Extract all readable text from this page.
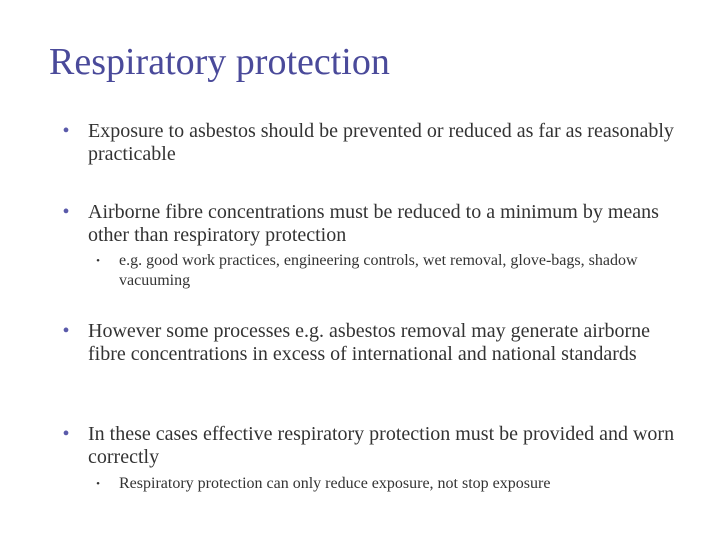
Respiratory protection
• Exposure to asbestos should be prevented or reduced as far as reasonably practicable
• Airborne fibre concentrations must be reduced to a minimum by means other than respiratory protection
• e.g. good work practices, engineering controls, wet removal, glove-bags, shadow vacuuming
• However some processes e.g. asbestos removal may generate airborne fibre concentrations in excess of international and national standards
• In these cases effective respiratory protection must be provided and worn correctly
• Respiratory protection can only reduce exposure, not stop exposure
